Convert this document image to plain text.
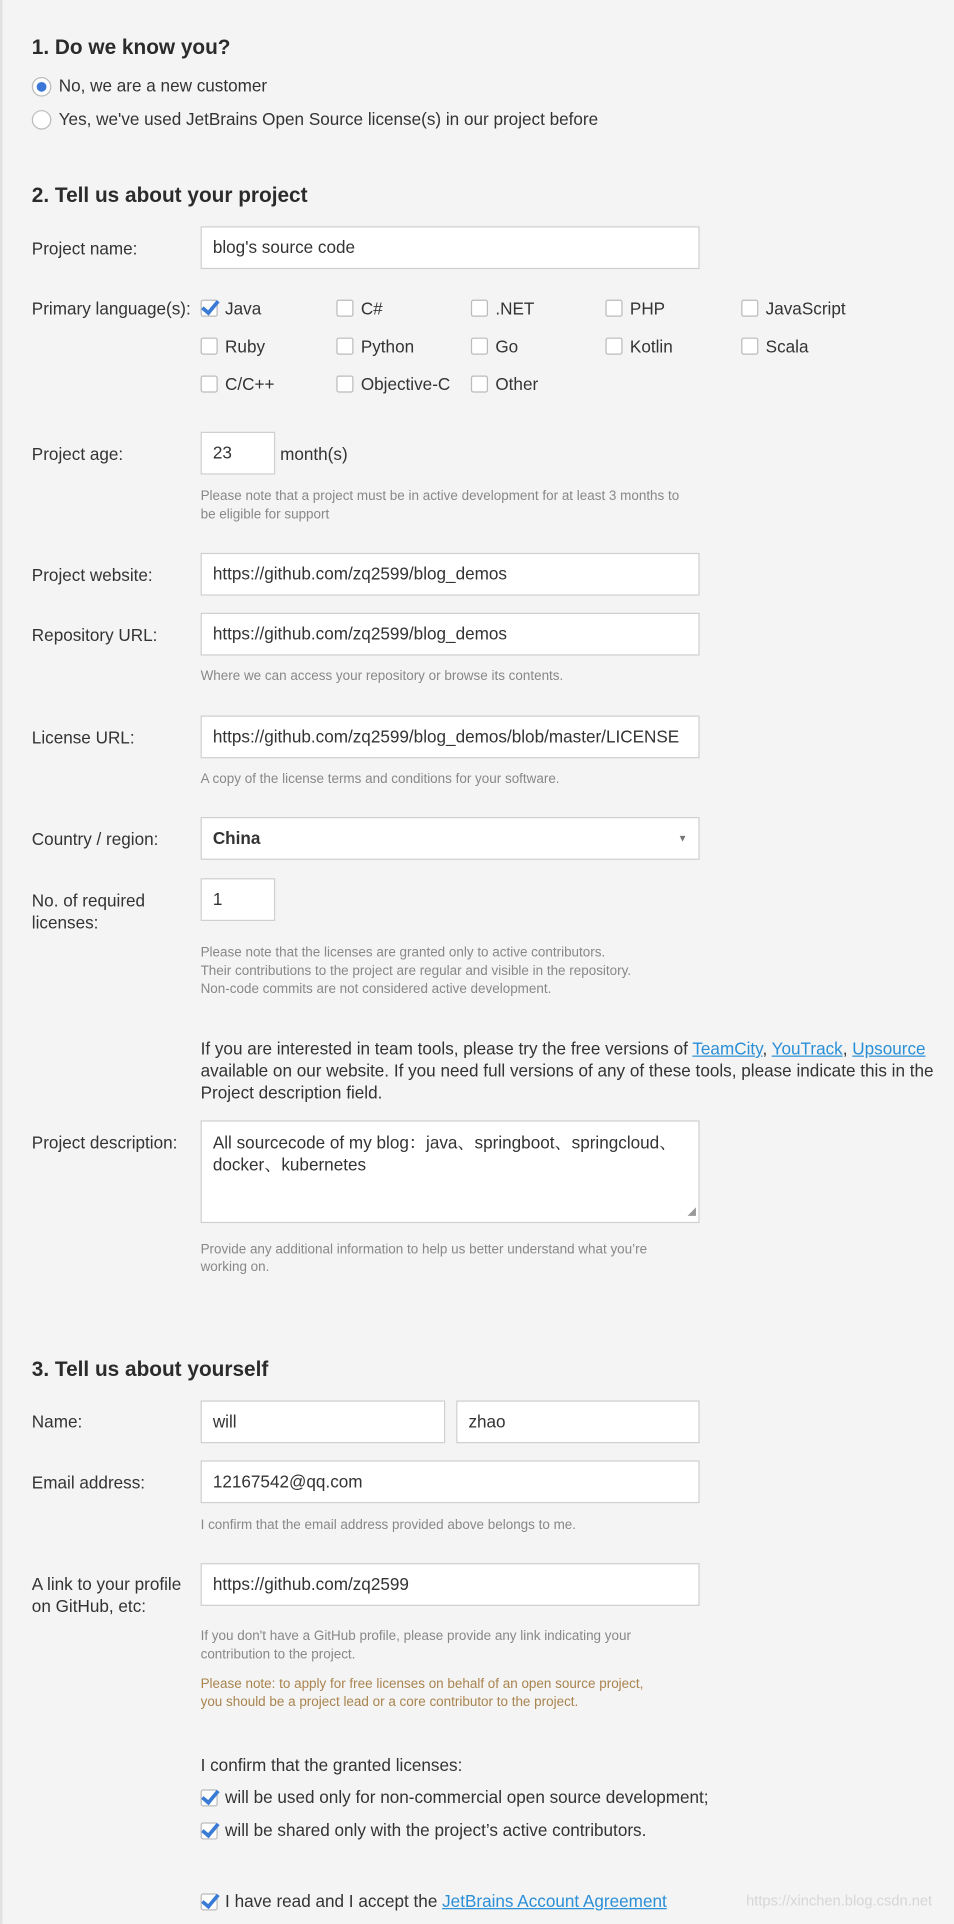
1. Do we know you?
No, we are a new customer
Yes, we've used JetBrains Open Source license(s) in our project before
2. Tell us about your project
Project name:	blog's source code
Primary language(s): Java	C#	.NET	PHP	JavaScript
Ruby	Python	Go	Kotlin	Scala
C/C++	Objective-C	Other
Project age:	23	month(s)
Please note that a project must be in active development for at least 3 months to
be eligible for support
Project website:	https://github.com/zq2599/blog_demos
Repository URL:	https://github.com/zq2599/blog_demos
Where we can access your repository or browse its contents.
License URL:	https://github.com/zq2599/blog_demos/blob/master/LICENSE
A copy of the license terms and conditions for your software.
Country / region:	China	▼
No. of required
licenses:
1
Please note that the licenses are granted only to active contributors.
Their contributions to the project are regular and visible in the repository.
Non-code commits are not considered active development.
If you are interested in team tools, please try the free versions of TeamCity, YouTrack, Upsource
available on our website. If you need full versions of any of these tools, please indicate this in the
Project description field.
Project description:	All sourcecode of my blog：java、springboot、springcloud、
docker、kubernetes
◢
Provide any additional information to help us better understand what you’re
working on.
3. Tell us about yourself
Name:	will	zhao
Email address:	12167542@qq.com
I confirm that the email address provided above belongs to me.
A link to your profile
on GitHub, etc:
https://github.com/zq2599
If you don't have a GitHub profile, please provide any link indicating your
contribution to the project.
Please note: to apply for free licenses on behalf of an open source project,
you should be a project lead or a core contributor to the project.
I confirm that the granted licenses:
will be used only for non-commercial open source development;
will be shared only with the project’s active contributors.
I have read and I accept the JetBrains Account Agreement	https://xinchen.blog.csdn.net
